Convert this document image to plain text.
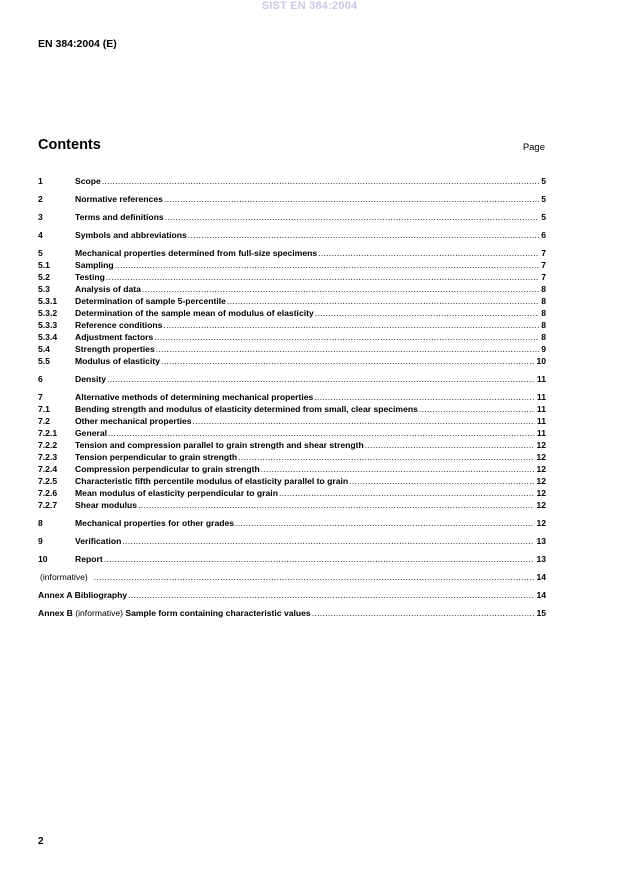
SIST EN 384:2004
EN 384:2004 (E)
Contents	Page
1	Scope .....	5
2	Normative references .....	5
3	Terms and definitions .....	5
4	Symbols and abbreviations .....	6
5	Mechanical properties determined from full-size specimens .....	7
5.1	Sampling .....	7
5.2	Testing .....	7
5.3	Analysis of data .....	8
5.3.1	Determination of sample 5-percentile .....	8
5.3.2	Determination of the sample mean of modulus of elasticity .....	8
5.3.3	Reference conditions .....	8
5.3.4	Adjustment factors .....	8
5.4	Strength properties .....	9
5.5	Modulus of elasticity .....	10
6	Density .....	11
7	Alternative methods of determining mechanical properties .....	11
7.1	Bending strength and modulus of elasticity determined from small, clear specimens .....	11
7.2	Other mechanical properties .....	11
7.2.1	General .....	11
7.2.2	Tension and compression parallel to grain strength and shear strength .....	12
7.2.3	Tension perpendicular to grain strength .....	12
7.2.4	Compression perpendicular to grain strength .....	12
7.2.5	Characteristic fifth percentile modulus of elasticity parallel to grain .....	12
7.2.6	Mean modulus of elasticity perpendicular to grain .....	12
7.2.7	Shear modulus .....	12
8	Mechanical properties for other grades .....	12
9	Verification .....	13
10	Report .....	13
(informative) .....	14
Annex A Bibliography .....	14
Annex B (informative) Sample form containing characteristic values .....	15
2
